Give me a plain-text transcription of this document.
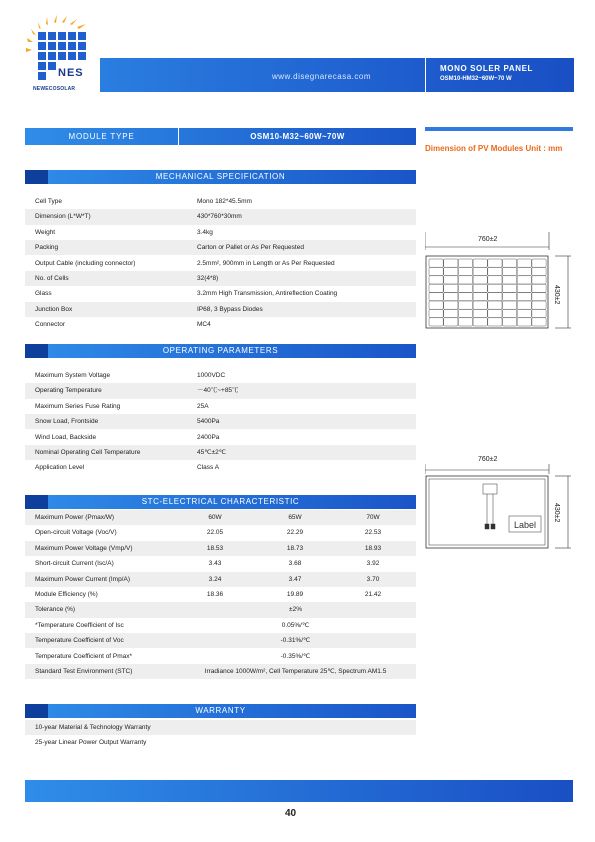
NES
NEWECOSOLAR
www.disegnarecasa.com
MONO SOLER PANEL
OSM10-HM32~60W~70 W
MODULE TYPE	OSM10-M32~60W~70W
Dimension of PV Modules Unit : mm
760±2
430±2
760±2
430±2
Label
MECHANICAL SPECIFICATION
Cell Type	Mono 182*45.5mm
Dimension (L*W*T)	430*760*30mm
Weight	3.4kg
Packing	Carton or Pallet or As Per Requested
Output Cable (including connector)	2.5mm², 900mm in Length or As Per Requested
No. of Cells	32(4*8)
Glass	3.2mm High Transmission, Antireflection Coating
Junction Box	IP68, 3 Bypass Diodes
Connector	MC4
OPERATING PARAMETERS
Maximum System Voltage	1000VDC
Operating Temperature	－40℃~+85℃
Maximum Series Fuse Rating	25A
Snow Load, Frontside	5400Pa
Wind Load, Backside	2400Pa
Nominal Operating Cell Temperature	45℃±2℃
Application Level	Class A
STC-ELECTRICAL CHARACTERISTIC
Maximum Power (Pmax/W)	60W	65W	70W
Open-circuit Voltage (Voc/V)	22.05	22.29	22.53
Maximum Power Voltage (Vmp/V)	18.53	18.73	18.93
Short-circuit Current (Isc/A)	3.43	3.68	3.92
Maximum Power Current (Imp/A)	3.24	3.47	3.70
Module Efficiency (%)	18.36	19.89	21.42
Tolerance (%)	±2%
*Temperature Coefficient of Isc	0.05%/℃
Temperature Coefficient of Voc	-0.31%/℃
Temperature Coefficient of Pmax*	-0.35%/℃
Standard Test Environment (STC)	Irradiance 1000W/m², Cell Temperature 25℃, Spectrum AM1.5
WARRANTY
10-year Material & Technology Warranty
25-year Linear Power Output Warranty
40
